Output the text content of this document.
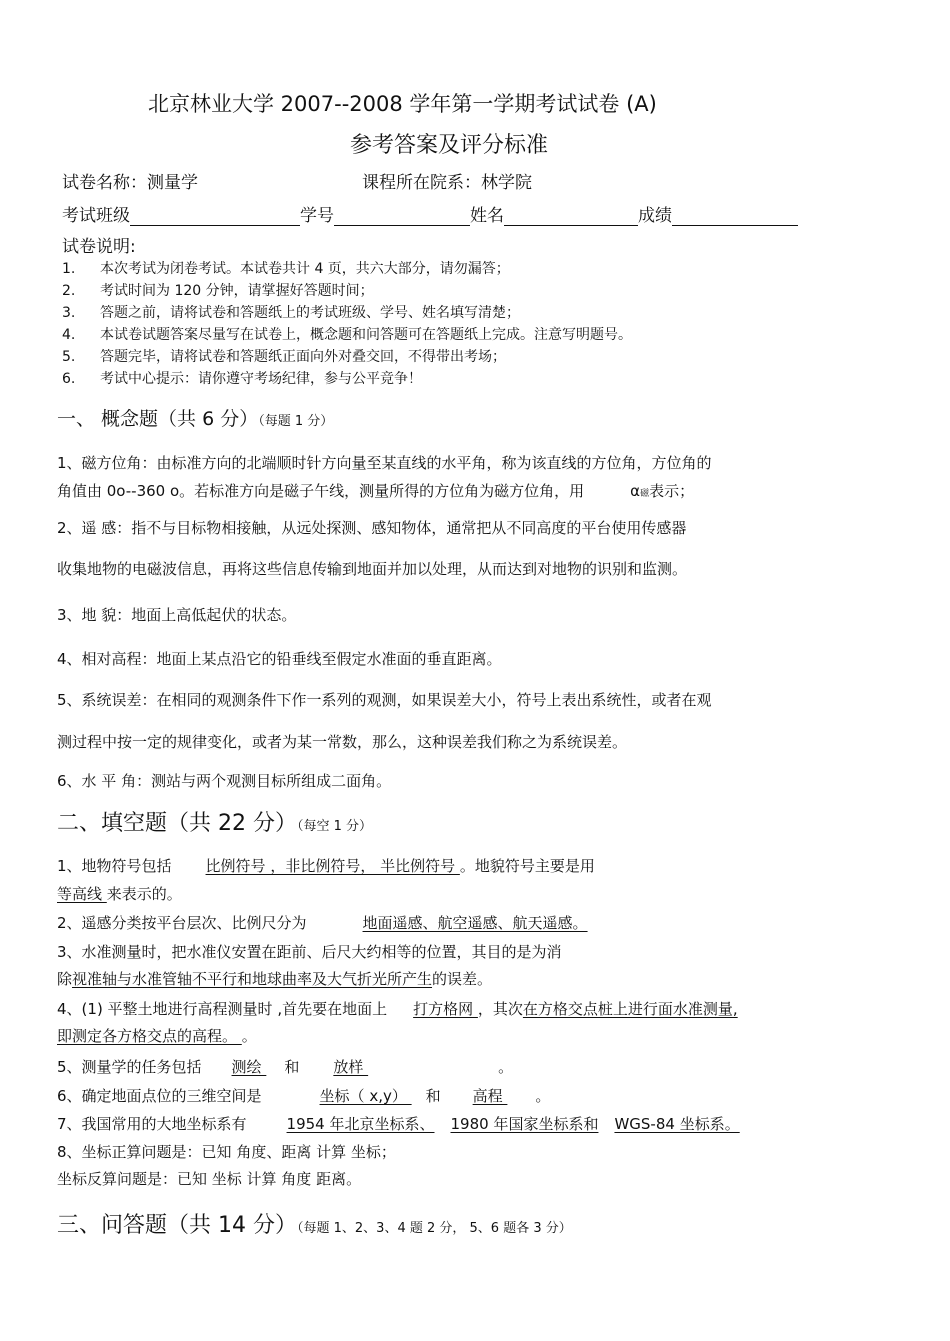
北京林业大学 2007--2008 学年第一学期考试试卷 (A)
参考答案及评分标准
试卷名称：测量学	课程所在院系：林学院
考试班级	学号	姓名	成绩
试卷说明:
1. 本次考试为闭卷考试。本试卷共计 4 页，共六大部分，请勿漏答；
2. 考试时间为 120 分钟，请掌握好答题时间；
3. 答题之前，请将试卷和答题纸上的考试班级、学号、姓名填写清楚；
4. 本试卷试题答案尽量写在试卷上，概念题和问答题可在答题纸上完成。注意写明题号。
5. 答题完毕，请将试卷和答题纸正面向外对叠交回，不得带出考场；
6. 考试中心提示：请你遵守考场纪律，参与公平竞争！
一、 概念题（共 6 分）（每题 1 分）
1、磁方位角：由标准方向的北端顺时针方向量至某直线的水平角，称为该直线的方位角，方位角的
角值由 0o--360 o。若标准方向是磁子午线，测量所得的方位角为磁方位角，用	α磁表示；
2、遥 感：指不与目标物相接触，从远处探测、感知物体，通常把从不同高度的平台使用传感器
收集地物的电磁波信息，再将这些信息传输到地面并加以处理，从而达到对地物的识别和监测。
3、地 貌：地面上高低起伏的状态。
4、相对高程：地面上某点沿它的铅垂线至假定水准面的垂直距离。
5、系统误差：在相同的观测条件下作一系列的观测，如果误差大小，符号上表出系统性，或者在观
测过程中按一定的规律变化，或者为某一常数，那么，这种误差我们称之为系统误差。
6、水 平 角：测站与两个观测目标所组成二面角。
二、填空题（共 22 分）（每空 1 分）
1、地物符号包括 比例符号 ，非比例符号， 半比例符号 。地貌符号主要是用
等高线 来表示的。
2、遥感分类按平台层次、比例尺分为	地面遥感、航空遥感、航天遥感。
3、水准测量时，把水准仪安置在距前、后尺大约相等的位置，其目的是为消
除视准轴与水准管轴不平行和地球曲率及大气折光所产生的误差。
4、(1) 平整土地进行高程测量时 ,首先要在地面上 打方格网 ，其次在方格交点桩上进行面水准测量,
即测定各方格交点的高程。 。
5、测量学的任务包括 测绘 和 放样	。
6、确定地面点位的三维空间是	坐标（ x,y） 和 高程 。
7、我国常用的大地坐标系有	1954 年北京坐标系、 1980 年国家坐标系和 WGS-84 坐标系。
8、坐标正算问题是：已知 角度、距离 计算 坐标；
坐标反算问题是：已知 坐标 计算 角度 距离。
三、问答题（共 14 分）（每题 1、2、3、4 题 2 分， 5、6 题各 3 分）
